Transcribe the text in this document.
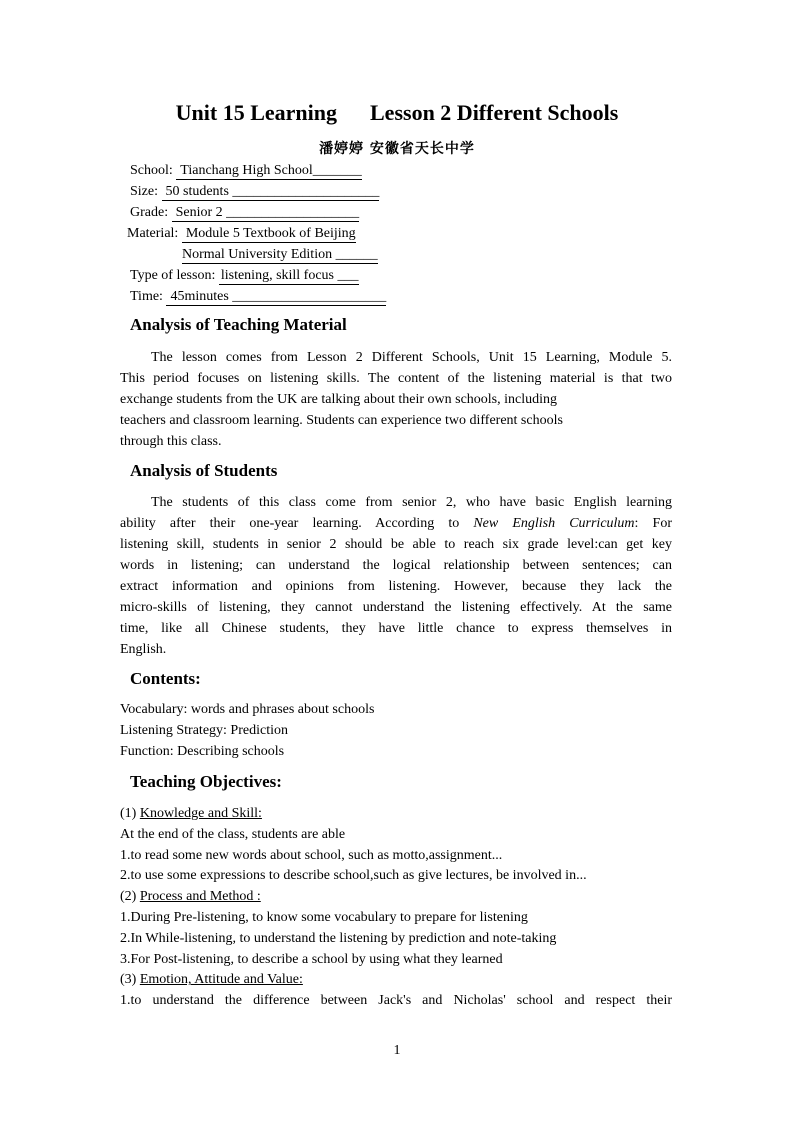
Unit 15 Learning      Lesson 2 Different Schools
潘婷婷 安徽省天长中学
School: Tianchang High School_______
Size: 50 students _____________________
Grade: Senior 2 ___________________
Material: Module 5 Textbook of Beijing
Normal University Edition ______
Type of lesson: listening, skill focus ___
Time: 45minutes ______________________
Analysis of Teaching Material
The lesson comes from Lesson 2 Different Schools, Unit 15 Learning, Module 5.
This period focuses on listening skills. The content of the listening material is that two
exchange students from the UK are talking about their own schools, including
teachers and classroom learning. Students can experience two different schools
through this class.
Analysis of Students
The students of this class come from senior 2, who have basic English learning
ability after their one-year learning. According to New English Curriculum: For
listening skill, students in senior 2 should be able to reach six grade level:can get key
words in listening; can understand the logical relationship between sentences; can
extract information and opinions from listening. However, because they lack the
micro-skills of listening, they cannot understand the listening effectively. At the same
time, like all Chinese students, they have little chance to express themselves in
English.
Contents:
Vocabulary: words and phrases about schools
Listening Strategy: Prediction
Function: Describing schools
Teaching Objectives:
(1) Knowledge and Skill:
At the end of the class, students are able
1.to read some new words about school, such as motto,assignment...
2.to use some expressions to describe school,such as give lectures, be involved in...
(2) Process and Method :
1.During Pre-listening, to know some vocabulary to prepare for listening
2.In While-listening, to understand the listening by prediction and note-taking
3.For Post-listening, to describe a school by using what they learned
(3) Emotion, Attitude and Value:
1.to understand the difference between Jack's and Nicholas' school and respect their
1
